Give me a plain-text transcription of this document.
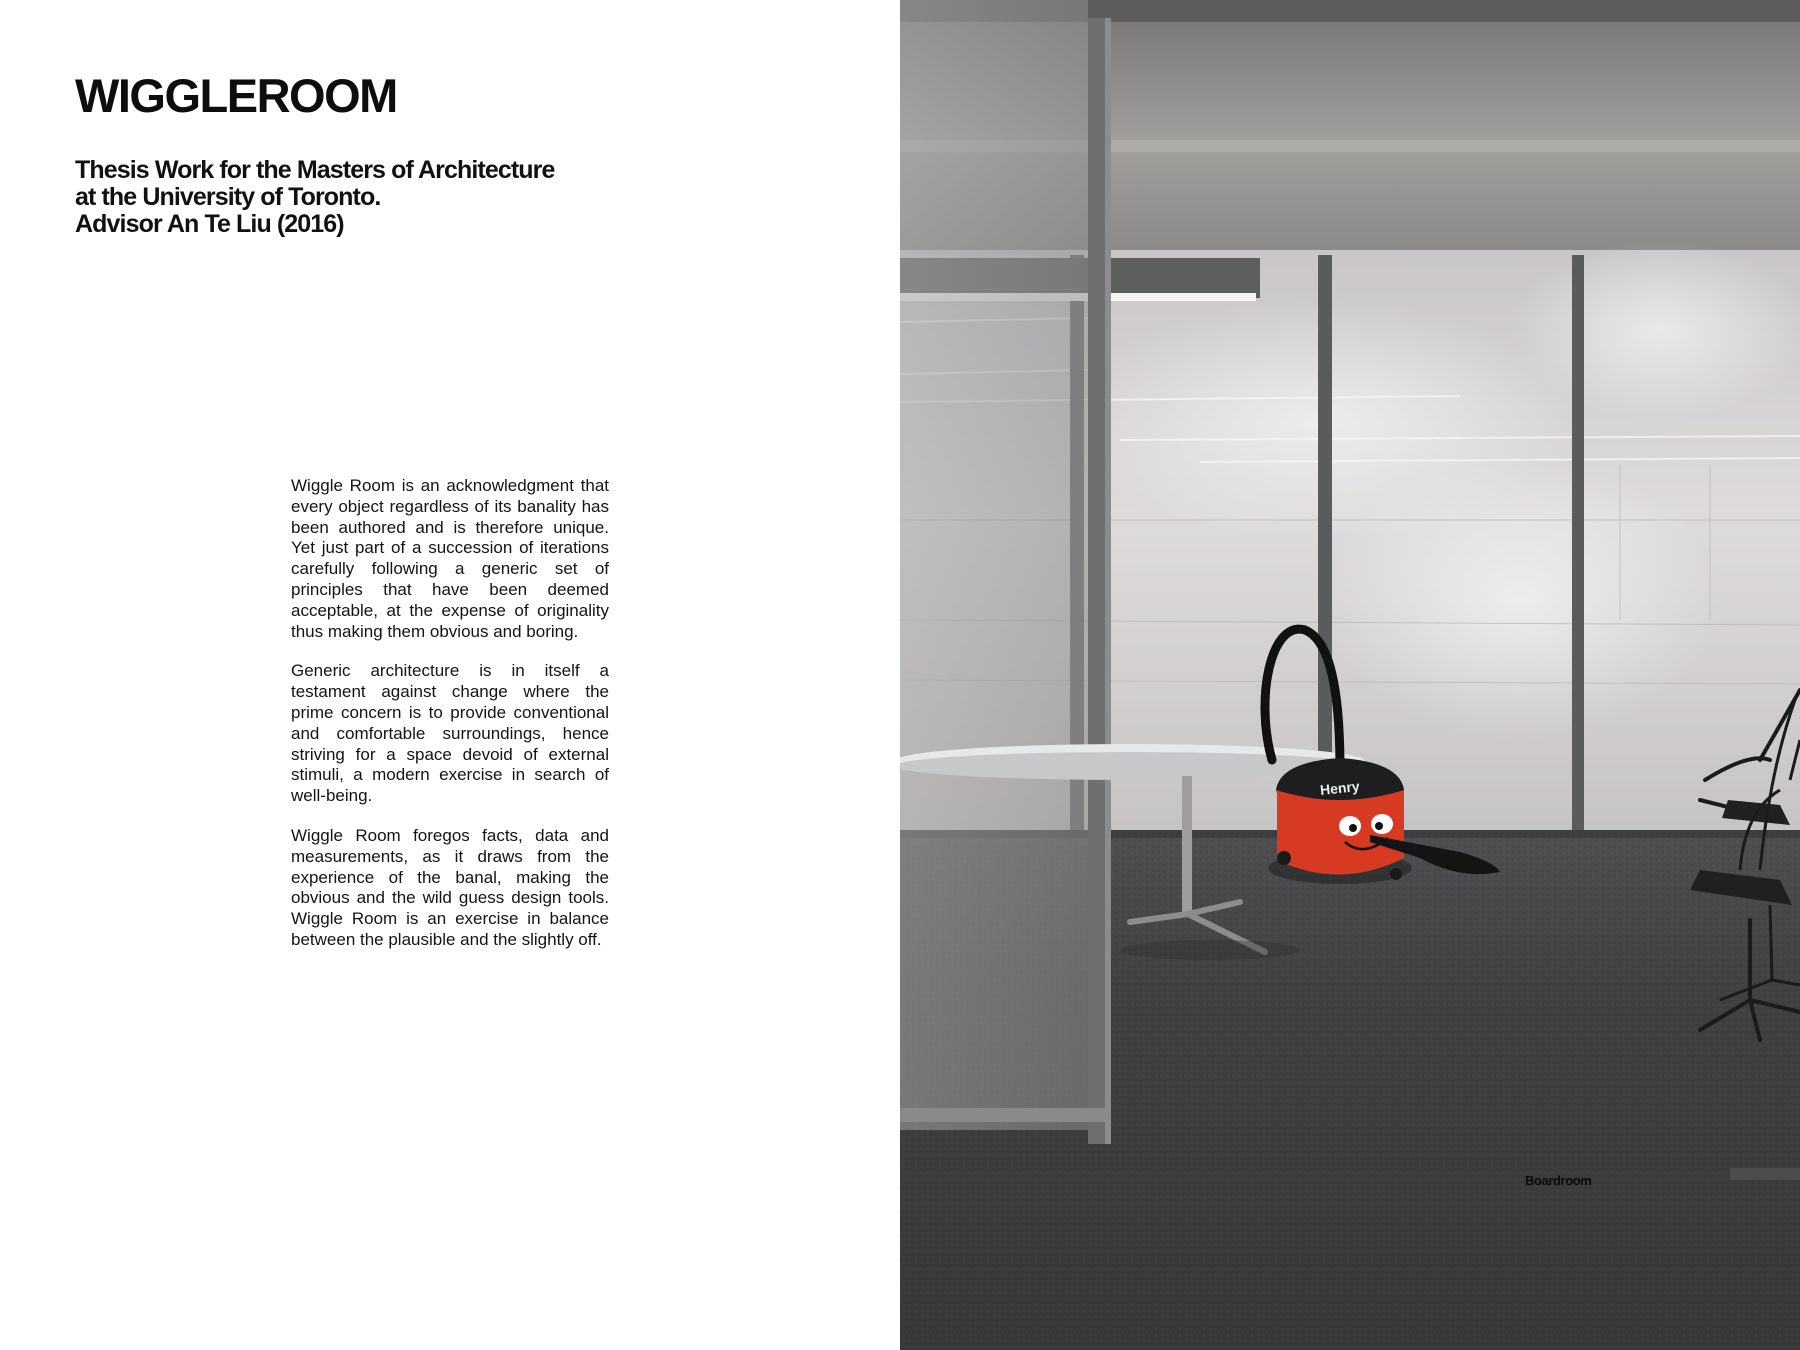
WIGGLEROOM
Thesis Work for the Masters of Architecture
at the University of Toronto.
Advisor An Te Liu (2016)

Wiggle Room is an acknowledgment that every object regardless of its banality has been authored and is therefore unique. Yet just part of a succession of iterations carefully following a generic set of principles that have been deemed acceptable, at the expense of originality thus making them obvious and boring.

Generic architecture is in itself a testament against change where the prime concern is to provide conventional and comfortable surroundings, hence striving for a space devoid of external stimuli, a modern exercise in search of well-being.

Wiggle Room foregos facts, data and measurements, as it draws from the experience of the banal, making the obvious and the wild guess design tools. Wiggle Room is an exercise in balance between the plausible and the slightly off.

Henry
Boardroom
